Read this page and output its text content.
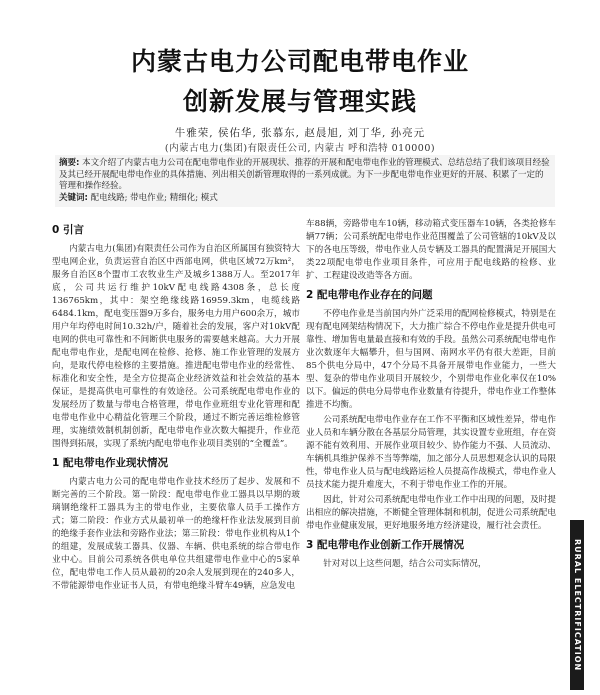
内蒙古电力公司配电带电作业
创新发展与管理实践
牛雅荣, 侯佑华, 张慕东, 赵晨旭, 刘丁华, 孙亮元
(内蒙古电力(集团)有限责任公司, 内蒙古 呼和浩特 010000)
摘要: 本文介绍了内蒙古电力公司在配电带电作业的开展现状、推荐的开展和配电带电作业的管理模式、总结总结了我们该项目经验及其已经开展配电带电作业的具体措施、列出相关创新管理取得的一系列成就。为下一步配电带电作业更好的开展、积累了一定的管理和操作经验。
关键词: 配电线路; 带电作业; 精细化; 模式
0 引言

内蒙古电力(集团)有限责任公司作为自治区所属国有独资特大型电网企业，负责运营自治区中西部电网，供电区域72万km²，服务自治区8个盟市工农牧业生产及城乡1388万人。至2017年底，公司共运行维护10kV配电线路4308条，总长度136765km，其中：架空绝缘线路16959.3km，电缆线路6484.1km，配电变压器9万多台，服务电力用户600余万，城市用户年均停电时间10.32h/户，随着社会的发展，客户对10kV配电网的供电可靠性和不间断供电服务的需要越来越高。大力开展配电带电作业，是配电网在检修、抢修、施工作业管理的发展方向，是取代停电检修的主要措施。推进配电带电作业的经常性、标准化和安全性，是全方位提高企业经济效益和社会效益的基本保证，是提高供电可靠性的有效途径。公司系统配电带电作业的发展经历了数量与带电合格管理，带电作业班组专业化管理和配电带电作业中心精益化管理三个阶段，通过不断完善运维检修管理，实施绩效制机制创新，配电带电作业次数大幅提升，作业范围得到拓展，实现了系统内配电带电作业项目类别的“全覆盖”。

1 配电带电作业现状情况

内蒙古电力公司的配电带电作业技术经历了起步、发展和不断完善的三个阶段。第一阶段：配电带电作业工器具以早期的玻璃钢绝缘杆工器具为主的带电作业，主要依靠人员手工操作方式；第二阶段：作业方式从最初单一的绝缘杆作业法发展到目前的绝缘手套作业法和旁路作业法；第三阶段：带电作业机构从1个的组建，发展成装工器具、仪器、车辆、供电系统的综合带电作业中心。目前公司系统各供电单位共组建带电作业中心的5家单位，配电带电工作人员从最初的20余人发展到现在的240多人，不带能源带电作业证书人员，有带电绝缘斗臂车49辆，应急发电

车88辆，旁路带电车10辆，移动箱式变压器车10辆，各类抢修车辆77辆；公司系统配电带电作业范围覆盖了公司管辖的10kV及以下的各电压等级，带电作业人员专辆及工器具的配置满足开展国大类22项配电带电作业项目条件，可应用于配电线路的检修、业扩、工程建设改造等各方面。

2 配电带电作业存在的问题

不停电作业是当前国内外广泛采用的配网检修模式，特别是在现有配电网架结构情况下，大力推广综合不停电作业是提升供电可靠性、增加售电量最直接和有效的手段。虽然公司系统配电带电作业次数逐年大幅攀升，但与国网、南网水平仍有很大差距，目前85个供电分局中，47个分局不具备开展带电作业能力，一些大型、复杂的带电作业项目开展较少，个别带电作业化率仅在10%以下。偏远的供电分局带电作业数量有待提升，带电作业工作整体推进不均衡。

公司系统配电带电作业存在工作不平衡和区域性差异，带电作业人员和车辆分散在各基层分局管理，其实设置专业班组，存在资源不能有效利用、开展作业项目较少、协作能力不强、人员流动、车辆机具维护保养不当等弊端，加之部分人员思想观念认识的局限性，带电作业人员与配电线路运检人员提高作战模式，带电作业人员技术能力提升难度大，不利于带电作业工作的开展。

因此，针对公司系统配电带电作业工作中出现的问题，及时提出相应的解决措施，不断健全管理体制和机制，促进公司系统配电带电作业健康发展，更好地服务地方经济建设，履行社会责任。

3 配电带电作业创新工作开展情况

针对对以上这些问题，结合公司实际情况，	RURAL ELECTRIFICATION
